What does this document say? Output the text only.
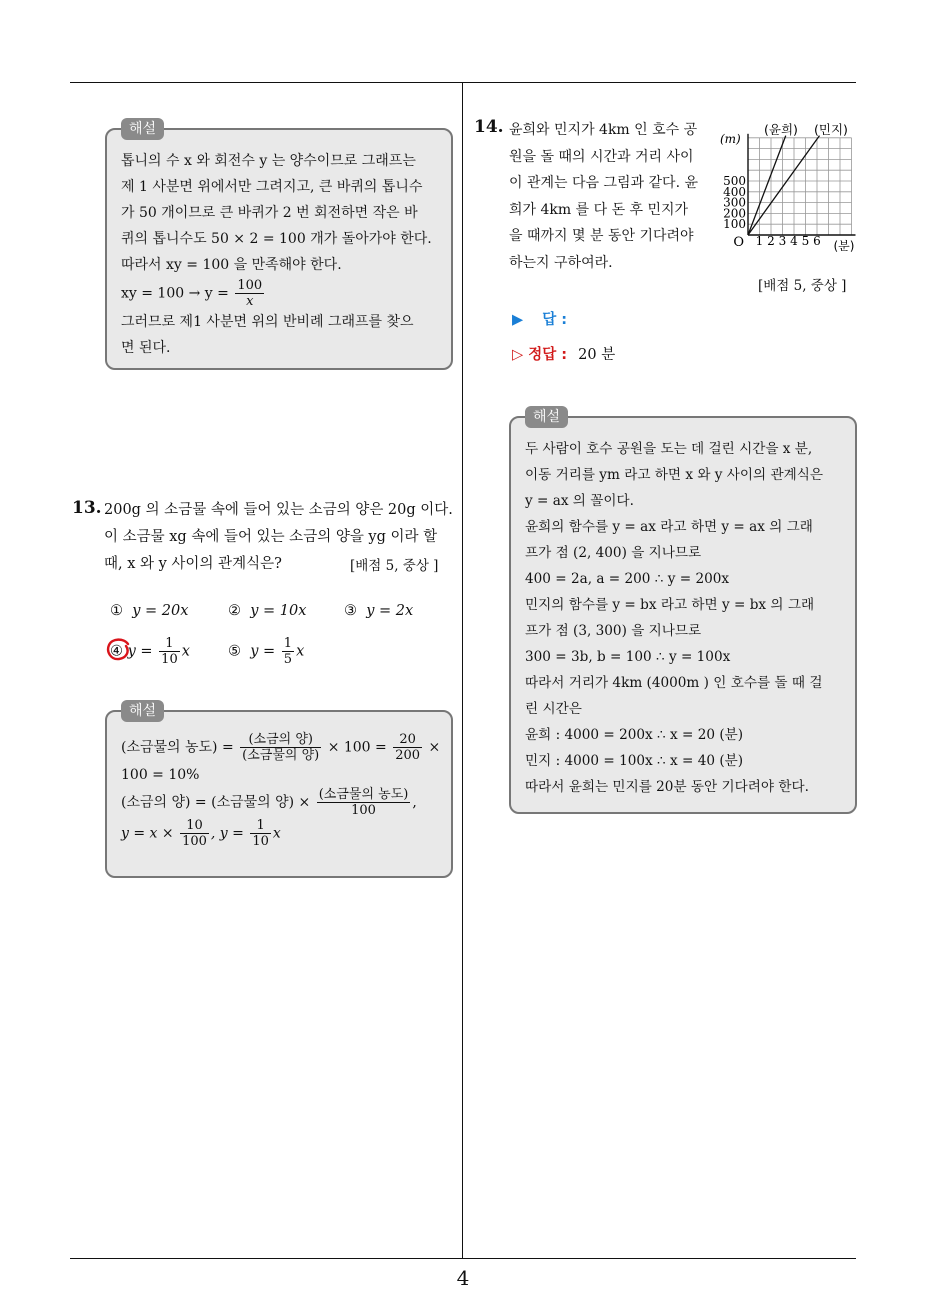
4
해설
톱니의 수 x 와 회전수 y 는 양수이므로 그래프는
제 1 사분면 위에서만 그려지고, 큰 바퀴의 톱니수
가 50 개이므로 큰 바퀴가 2 번 회전하면 작은 바
퀴의 톱니수도 50 × 2 = 100 개가 돌아가야 한다.
따라서 xy = 100 을 만족해야 한다.
xy = $100 \to y = \frac{100}{x}$
그러므로 제1 사분면 위의 반비례 그래프를 찾으
면 된다.
13. 200g 의 소금물 속에 들어 있는 소금의 양은 20g 이다.
이 소금물 xg 속에 들어 있는 소금의 양을 yg 이라 할
때, x 와 y 사이의 관계식은?	[배점 5, 중상 ]
① y = 20x	② y = 10x	③ y = 2x
④ $y = \frac{1}{10}$ x	⑤ $y = \frac{1}{5}$ x
해설
(소금물의 농도) = $\frac{\text{(소금의 양)}}{\text{(소금물의 양)}} \times 100 = \frac{20}{200}$ ×
100 = 10%
(소금의 양) = (소금물의 양) × $\frac{\text{(소금물의 농도)}}{100}$ ,
$y = x \times \frac{10}{100}$ , $y = \frac{1}{10}$ x
14. 윤희와 민지가 4km 인 호수 공
원을 돌 때의 시간과 거리 사이
이 관계는 다음 그림과 같다. 윤
희가 4km 를 다 돈 후 민지가
을 때까지 몇 분 동안 기다려야
하는지 구하여라.
100
200
300
400
500
1 2 3 4 5 6
O
(m)
(분)
(윤희) (민지)
[배점 5, 중상 ]
▶ 답 :
▷ 정답 : 20 분
해설
두 사람이 호수 공원을 도는 데 걸린 시간을 x 분,
이동 거리를 ym 라고 하면 x 와 y 사이의 관계식은
y = ax 의 꼴이다.
윤희의 함수를 y = ax 라고 하면 y = ax 의 그래
프가 점 (2, 400) 을 지나므로
400 = 2a, a = 200 ∴ y = 200x
민지의 함수를 y = bx 라고 하면 y = bx 의 그래
프가 점 (3, 300) 을 지나므로
300 = 3b, b = 100 ∴ y = 100x
따라서 거리가 4km (4000m ) 인 호수를 돌 때 걸
린 시간은
윤희 : 4000 = 200x ∴ x = 20 (분)
민지 : 4000 = 100x ∴ x = 40 (분)
따라서 윤희는 민지를 20분 동안 기다려야 한다.
